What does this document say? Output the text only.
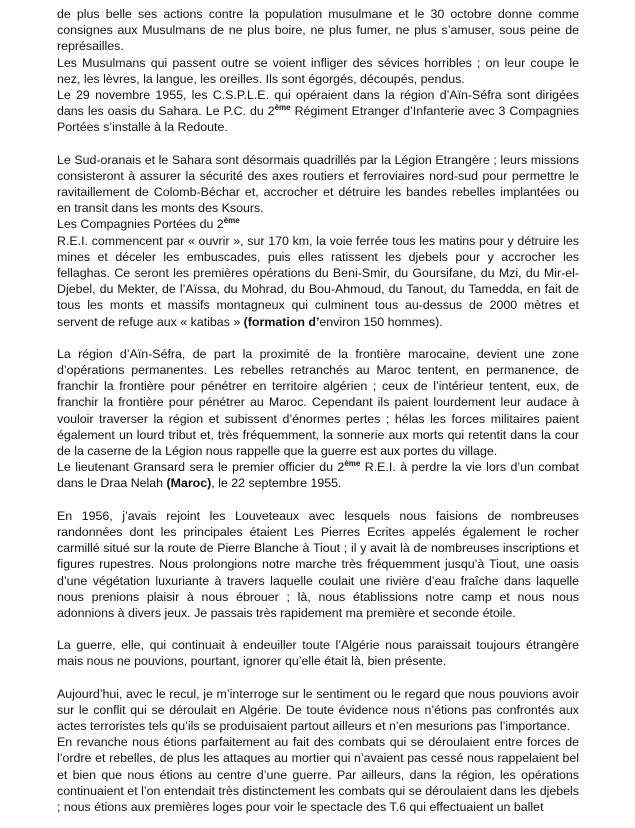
de plus belle ses actions contre la population musulmane et le 30 octobre donne comme consignes aux Musulmans de ne plus boire, ne plus fumer, ne plus s’amuser, sous peine de représailles.

Les Musulmans qui passent outre se voient infliger des sévices horribles ; on leur coupe le nez, les lèvres, la langue, les oreilles. Ils sont égorgés, découpés, pendus.

Le 29 novembre 1955, les C.S.P.L.E. qui opéraient dans la région d’Aïn-Séfra sont dirigées dans les oasis du Sahara. Le P.C. du 2ème Régiment Etranger d’Infanterie avec 3 Compagnies Portées s’installe à la Redoute.

Le Sud-oranais et le Sahara sont désormais quadrillés par la Légion Etrangère ; leurs missions consisteront à assurer la sécurité des axes routiers et ferroviaires nord-sud pour permettre le ravitaillement de Colomb-Béchar et, accrocher et détruire les bandes rebelles implantées ou en transit dans les monts des Ksours.

Les Compagnies Portées du 2ème

R.E.I. commencent par « ouvrir », sur 170 km, la voie ferrée tous les matins pour y détruire les mines et déceler les embuscades, puis elles ratissent les djebels pour y accrocher les fellaghas. Ce seront les premières opérations du Beni-Smir, du Goursifane, du Mzi, du Mir-el-Djebel, du Mekter, de l’Aïssa, du Mohrad, du Bou-Ahmoud, du Tanout, du Tamedda, en fait de tous les monts et massifs montagneux qui culminent tous au-dessus de 2000 mètres et servent de refuge aux « katibas » (formation d’environ 150 hommes).

La région d’Aïn-Séfra, de part la proximité de la frontière marocaine, devient une zone d’opérations permanentes. Les rebelles retranchés au Maroc tentent, en permanence, de franchir la frontière pour pénétrer en territoire algérien ; ceux de l’intérieur tentent, eux, de franchir la frontière pour pénétrer au Maroc. Cependant ils paient lourdement leur audace à vouloir traverser la région et subissent d’énormes pertes ; hélas les forces militaires paient également un lourd tribut et, très fréquemment, la sonnerie aux morts qui retentit dans la cour de la caserne de la Légion nous rappelle que la guerre est aux portes du village.

Le lieutenant Gransard sera le premier officier du 2ème R.E.I. à perdre la vie lors d’un combat dans le Draa Nelah (Maroc), le 22 septembre 1955.

En 1956, j’avais rejoint les Louveteaux avec lesquels nous faisions de nombreuses randonnées dont les principales étaient Les Pierres Ecrites appelés également le rocher carmillé situé sur la route de Pierre Blanche à Tiout ; il y avait là de nombreuses inscriptions et figures rupestres. Nous prolongions notre marche très fréquemment jusqu’à Tiout, une oasis d’une végétation luxuriante à travers laquelle coulait une rivière d’eau fraîche dans laquelle nous prenions plaisir à nous ébrouer ; là, nous établissions notre camp et nous nous adonnions à divers jeux. Je passais très rapidement ma première et seconde étoile.

La guerre, elle, qui continuait à endeuiller toute l’Algérie nous paraissait toujours étrangère mais nous ne pouvions, pourtant, ignorer qu’elle était là, bien présente.

Aujourd’hui, avec le recul, je m’interroge sur le sentiment ou le regard que nous pouvions avoir sur le conflit qui se déroulait en Algérie. De toute évidence nous n’étions pas confrontés aux actes terroristes tels qu’ils se produisaient partout ailleurs et n’en mesurions pas l’importance.

En revanche nous étions parfaitement au fait des combats qui se déroulaient entre forces de l’ordre et rebelles, de plus les attaques au mortier qui n’avaient pas cessé nous rappelaient bel et bien que nous étions au centre d’une guerre. Par ailleurs, dans la région, les opérations continuaient et l’on entendait très distinctement les combats qui se déroulaient dans les djebels ; nous étions aux premières loges pour voir le spectacle des T.6 qui effectuaient un ballet
